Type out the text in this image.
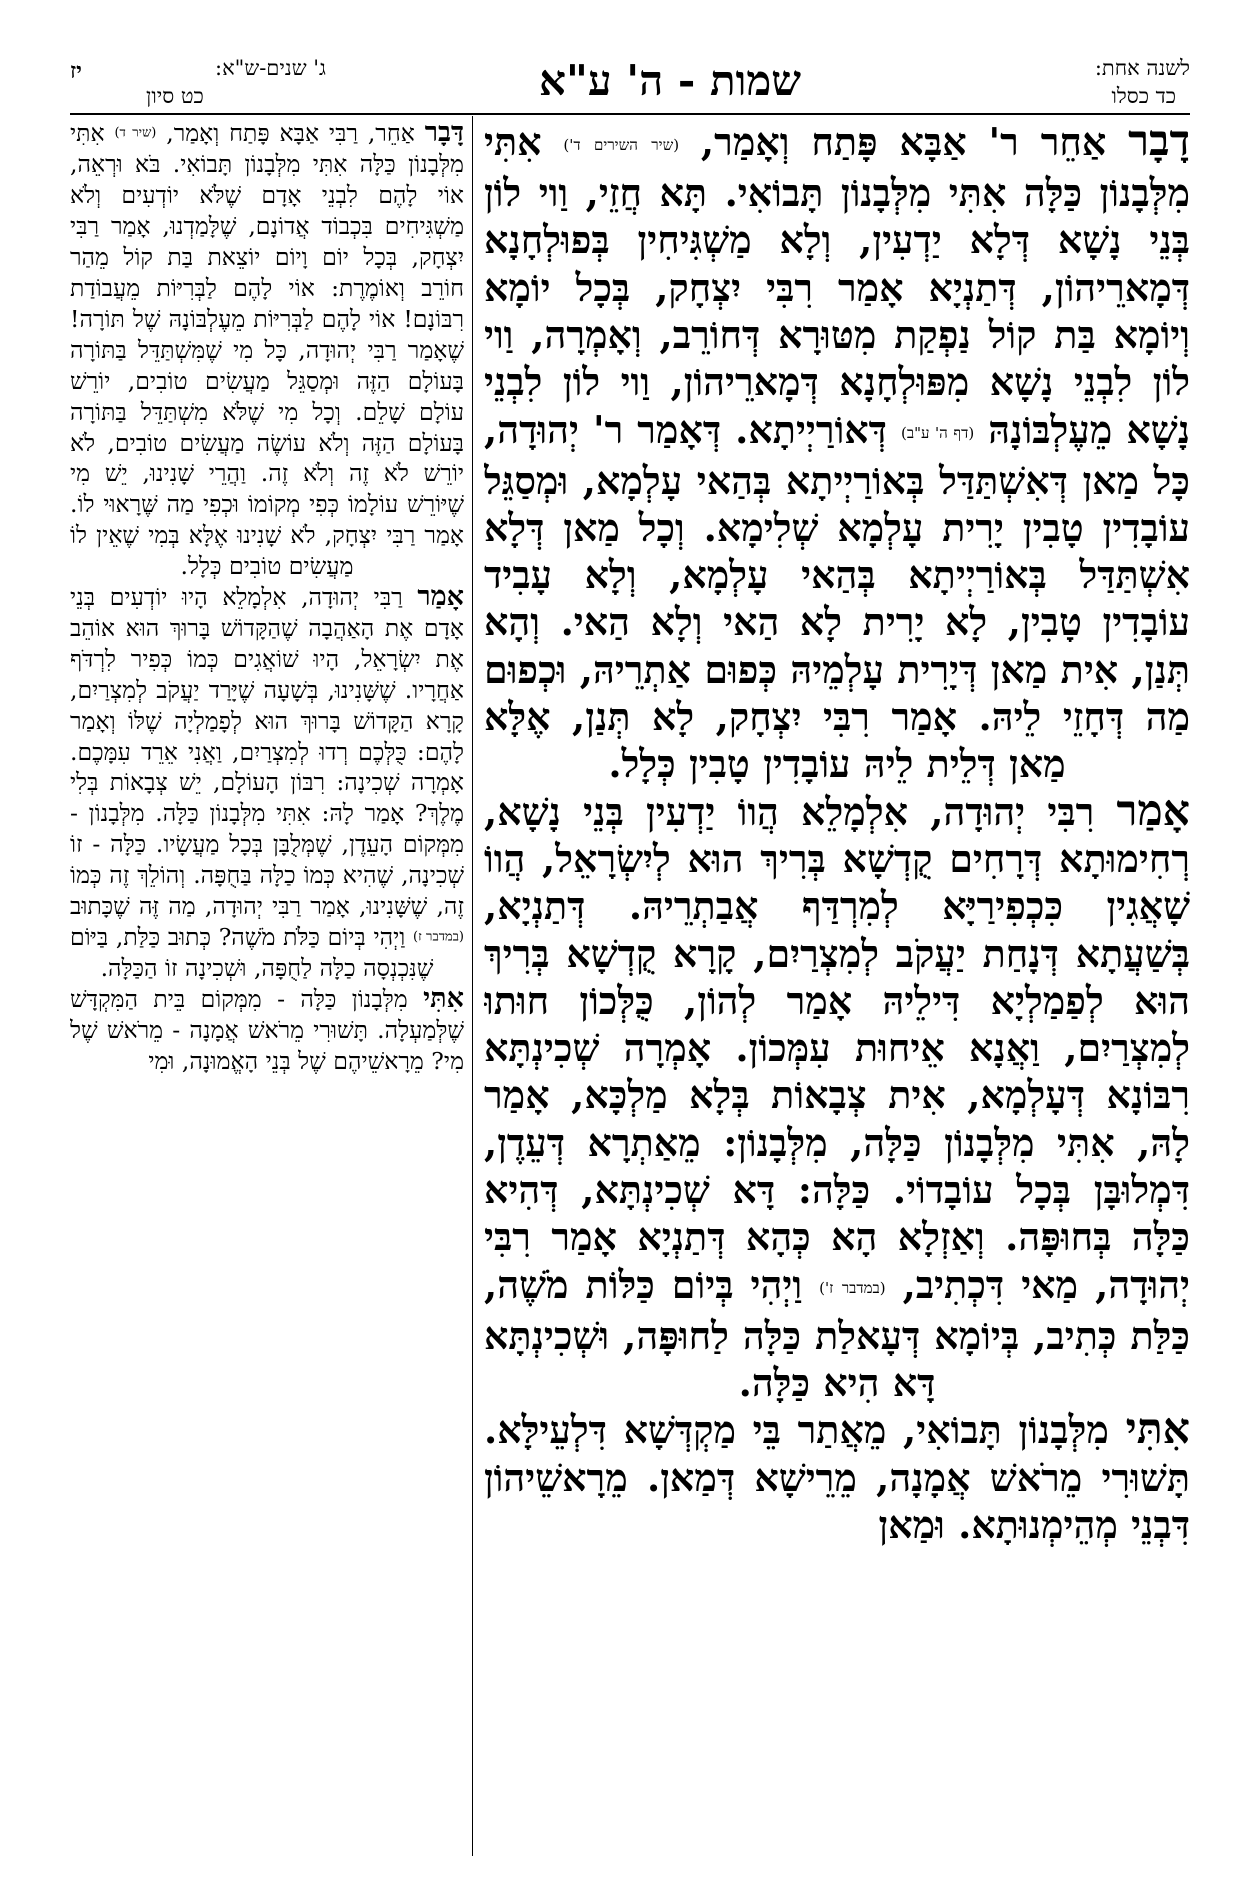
לשנה אחת:
כד כסלו
שמות - ה' ע"א
ג' שנים-ש"א:
כט סיון
יז

דָבָר אַחֵר ר' אַבָּא פָּתַח וְאָמַר, (שיר השירים ד') אִתִּי מִלְּבָנוֹן כַּלָּה אִתִּי מִלְּבָנוֹן תָּבוֹאִי. תָּא חֲזֵי, וַוי לוֹן בְּנֵי נָשָׁא דְּלָא יַדְעִין, וְלָא מַשְׁגִּיחִין בְּפוּלְחָנָא דְּמָארֵיהוֹן, דְּתַנְיָא אָמַר רִבִּי יִצְחָק, בְּכָל יוֹמָא וְיוֹמָא בַּת קוֹל נַפְקַת מִטּוּרָא דְּחוֹרֵב, וְאָמְרָה, וַוי לוֹן לִבְנֵי נָשָׁא מִפּוּלְחָנָא דְּמָארֵיהוֹן, וַוי לוֹן לִבְנֵי נָשָׁא מֵעֶלְבּוֹנָהּ (דף ה' ע"ב) דְּאוֹרַיְיתָא. דְּאָמַר ר' יְהוּדָה, כָּל מַאן דְּאִשְׁתַּדַּל בְּאוֹרַיְיתָא בְּהַאי עָלְמָא, וּמְסַגֵּל עוֹבָדִין טָבִין יָרִית עָלְמָא שְׁלִימָא. וְכָל מַאן דְּלָא אִשְׁתַּדַּל בְּאוֹרַיְיתָא בְּהַאי עָלְמָא, וְלָא עָבִיד עוֹבָדִין טָבִין, לָא יָרִית לָא הַאי וְלָא הַאי. וְהָא תְּנַן, אִית מַאן דְּיָרִית עָלְמֵיהּ כְּפוּם אַתְרֵיהּ, וּכְפוּם מַה דְּחָזֵי לֵיהּ. אָמַר רִבִּי יִצְחָק, לָא תְּנַן, אֶלָּא מַאן דְּלֵית לֵיהּ עוֹבָדִין טָבִין כְּלָל.

אָמַר רִבִּי יְהוּדָה, אִלְמָלֵא הֲווֹ יַדְעִין בְּנֵי נָשָׁא, רְחִימוּתָא דְּרָחִים קֻדְשָׁא בְּרִיךְ הוּא לְיִשְׂרָאֵל, הֲווֹ שָׁאֲגִין כִּכְפִירַיָּא לְמִרְדַּף אֲבַתְרֵיהּ. דְּתַנְיָא, בְּשַׁעֲתָא דְּנָחַת יַעֲקֹב לְמִצְרַיִם, קָרָא קֻדְשָׁא בְּרִיךְ הוּא לְפַמַלְיָא דִּילֵיהּ אָמַר לְהוֹן, כֻּלְּכוֹן חוּתוּ לְמִצְרַיִם, וַאֲנָא אֵיחוּת עִמְּכוֹן. אָמְרָה שְׁכִינְתָּא רִבּוֹנָא דְּעָלְמָא, אִית צְבָאוֹת בְּלָא מַלְכָּא, אָמַר לָהּ, אִתִּי מִלְּבָנוֹן כַּלָּה, מִלְּבָנוֹן: מֵאַתְרָא דְּעֵדֶן, דִּמְלוּבָּן בְּכָל עוֹבָדוֹי. כַּלָּה: דָּא שְׁכִינְתָּא, דְּהִיא כַּלָּה בְּחוּפָּה. וְאַזְלָא הָא כְּהָא דְּתַנְיָא אָמַר רִבִּי יְהוּדָה, מַאי דִּכְתִיב, (במדבר ז') וַיְהִי בְּיוֹם כַּלּוֹת מֹשֶׁה, כַּלַּת כְּתִיב, בְּיוֹמָא דְּעָאלַת כַּלָּה לַחוּפָּה, וּשְׁכִינְתָּא דָּא הִיא כַּלָּה.

אִתִּי מִלְּבָנוֹן תָּבוֹאִי, מֵאֲתַר בֵּי מַקְדְּשָׁא דִּלְעֵילָּא. תָּשׁוּרִי מֵרֹאשׁ אֲמָנָה, מֵרֵישָׁא דְּמַאן. מֵרָאשֵׁיהוֹן דִּבְנֵי מְהֵימְנוּתָא. וּמַאן

דָּבָר אַחֵר, רַבִּי אַבָּא פָּתַח וְאָמַר, (שיר ד) אִתִּי מִלְּבָנוֹן כַּלָּה אִתִּי מִלְּבָנוֹן תָּבוֹאִי. בֹּא וּרְאֵה, אוֹי לָהֶם לִבְנֵי אָדָם שֶׁלֹּא יוֹדְעִים וְלֹא מַשְׁגִּיחִים בִּכְבוֹד אֲדוֹנָם, שֶׁלָּמַדְנוּ, אָמַר רַבִּי יִצְחָק, בְּכָל יוֹם וָיוֹם יוֹצֵאת בַּת קוֹל מֵהַר חוֹרֵב וְאוֹמֶרֶת: אוֹי לָהֶם לַבְּרִיּוֹת מֵעֲבוֹדַת רִבּוֹנָם! אוֹי לָהֶם לַבְּרִיּוֹת מֵעֶלְבּוֹנָהּ שֶׁל תּוֹרָה! שֶׁאָמַר רַבִּי יְהוּדָה, כָּל מִי שֶׁמִּשְׁתַּדֵּל בַּתּוֹרָה בָּעוֹלָם הַזֶּה וּמְסַגֵּל מַעֲשִׂים טוֹבִים, יוֹרֵשׁ עוֹלָם שָׁלֵם. וְכָל מִי שֶׁלֹּא מִשְׁתַּדֵּל בַּתּוֹרָה בָּעוֹלָם הַזֶּה וְלֹא עוֹשֶׂה מַעֲשִׂים טוֹבִים, לֹא יוֹרֵשׁ לֹא זֶה וְלֹא זֶה. וַהֲרֵי שָׁנִינוּ, יֵשׁ מִי שֶׁיּוֹרֵשׁ עוֹלָמוֹ כְּפִי מְקוֹמוֹ וּכְפִי מַה שֶּׁרָאוּי לוֹ. אָמַר רַבִּי יִצְחָק, לֹא שָׁנִינוּ אֶלָּא בְּמִי שֶׁאֵין לוֹ מַעֲשִׂים טוֹבִים כְּלָל.

אָמַר רַבִּי יְהוּדָה, אִלְמָלֵא הָיוּ יוֹדְעִים בְּנֵי אָדָם אֶת הָאַהֲבָה שֶׁהַקָּדוֹשׁ בָּרוּךְ הוּא אוֹהֵב אֶת יִשְׂרָאֵל, הָיוּ שׁוֹאֲגִים כְּמוֹ כְּפִיר לִרְדֹּף אַחֲרָיו. שֶׁשָּׁנִינוּ, בְּשָׁעָה שֶׁיָּרַד יַעֲקֹב לְמִצְרַיִם, קָרָא הַקָּדוֹשׁ בָּרוּךְ הוּא לְפָמַלְיָה שֶׁלּוֹ וְאָמַר לָהֶם: כֻּלְּכֶם רְדוּ לְמִצְרַיִם, וַאֲנִי אֵרֵד עִמָּכֶם. אָמְרָה שְׁכִינָה: רִבּוֹן הָעוֹלָם, יֵשׁ צְבָאוֹת בְּלִי מֶלֶךְ? אָמַר לָהּ: אִתִּי מִלְּבָנוֹן כַּלָּה. מִלְּבָנוֹן - מִמְּקוֹם הָעֵדֶן, שֶׁמְּלֻבָּן בְּכָל מַעֲשָׂיו. כַּלָּה - זוֹ שְׁכִינָה, שֶׁהִיא כְּמוֹ כַלָּה בַּחֻפָּה. וְהוֹלֵךְ זֶה כְּמוֹ זֶה, שֶׁשָּׁנִינוּ, אָמַר רַבִּי יְהוּדָה, מַה זֶּה שֶׁכָּתוּב (במדבר ז) וַיְהִי בְּיוֹם כַּלֹּת מֹשֶׁה? כְּתוּב כַּלַּת, בַּיּוֹם שֶׁנִּכְנְסָה כַלָּה לַחֻפָּה, וּשְׁכִינָה זוֹ הַכַּלָּה.

אִתִּי מִלְּבָנוֹן כַּלָּה - מִמְּקוֹם בֵּית הַמִּקְדָּשׁ שֶׁלְּמַעְלָה. תָּשׁוּרִי מֵרֹאשׁ אֲמָנָה - מֵרֹאשׁ שֶׁל מִי? מֵרָאשֵׁיהֶם שֶׁל בְּנֵי הָאֱמוּנָה, וּמִי
